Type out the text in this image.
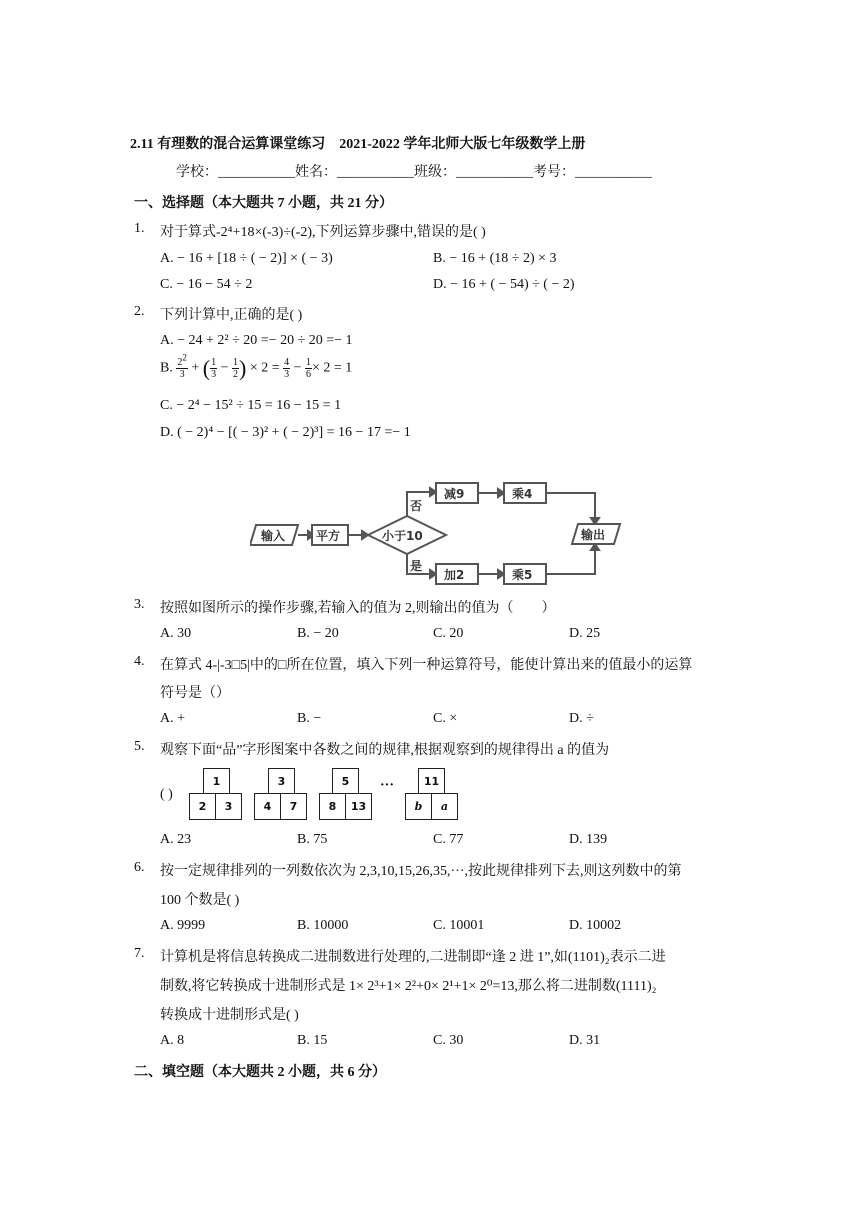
2.11 有理数的混合运算课堂练习　2021-2022 学年北师大版七年级数学上册
学校：___________姓名：___________班级：___________考号：___________
一、选择题（本大题共 7 小题，共 21 分）
1.	对于算式-2⁴+18×(-3)÷(-2),下列运算步骤中,错误的是( )
A. − 16 + [18 ÷ ( − 2)] × ( − 3)	B. − 16 + (18 ÷ 2) × 3
C. − 16 − 54 ÷ 2	D. − 16 + ( − 54) ÷ ( − 2)
2.	下列计算中,正确的是( )
A. − 24 + 2² ÷ 20 =− 20 ÷ 20 =− 1
B. $\frac{2^2}{3}$ + ( $\frac{1}{3} - \frac{1}{2}$ ) × $2 = \frac{4}{3} - \frac{1}{6} \times 2 = 1$
C. − 2⁴ − 15² ÷ 15 = 16 − 15 = 1
D. ( − 2)⁴ − [( − 3)² + ( − 2)³] = 16 − 17 =− 1
输入	平方	小于10
否
是
减9	乘4
加2	乘5
输出
3.	按照如图所示的操作步骤,若输入的值为 2,则输出的值为（　　）
A. 30	B. − 20	C. 20	D. 25
4.	在算式 4-|-3□5|中的□所在位置，填入下列一种运算符号，能使计算出来的值最小的运算
符号是（）
A. +	B. −	C. ×	D. ÷
5.	观察下面“品”字形图案中各数之间的规律,根据观察到的规律得出 a 的值为
( )
1
2	3
3
4	7
5
8	13
···	11
b	a
A. 23	B. 75	C. 77	D. 139
6.	按一定规律排列的一列数依次为 2,3,10,15,26,35,···,按此规律排列下去,则这列数中的第
100 个数是( )
A. 9999	B. 10000	C. 10001	D. 10002
7.	计算机是将信息转换成二进制数进行处理的,二进制即“逢 2 进 1”,如(1101)₂表示二进
制数,将它转换成十进制形式是 1× 2³+1× 2²+0× 2¹+1× 2⁰=13,那么将二进制数(1111)₂
转换成十进制形式是( )
A. 8	B. 15	C. 30	D. 31
二、填空题（本大题共 2 小题，共 6 分）
